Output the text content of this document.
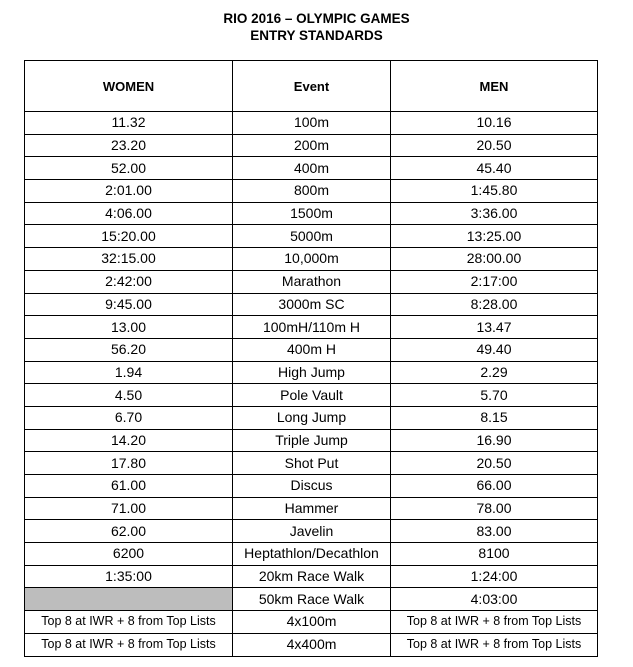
RIO 2016 – OLYMPIC GAMES
ENTRY STANDARDS
WOMEN	Event	MEN
11.32	100m	10.16
23.20	200m	20.50
52.00	400m	45.40
2:01.00	800m	1:45.80
4:06.00	1500m	3:36.00
15:20.00	5000m	13:25.00
32:15.00	10,000m	28:00.00
2:42:00	Marathon	2:17:00
9:45.00	3000m SC	8:28.00
13.00	100mH/110m H	13.47
56.20	400m H	49.40
1.94	High Jump	2.29
4.50	Pole Vault	5.70
6.70	Long Jump	8.15
14.20	Triple Jump	16.90
17.80	Shot Put	20.50
61.00	Discus	66.00
71.00	Hammer	78.00
62.00	Javelin	83.00
6200	Heptathlon/Decathlon	8100
1:35:00	20km Race Walk	1:24:00
	50km Race Walk	4:03:00
Top 8 at IWR + 8 from Top Lists	4x100m	Top 8 at IWR + 8 from Top Lists
Top 8 at IWR + 8 from Top Lists	4x400m	Top 8 at IWR + 8 from Top Lists
